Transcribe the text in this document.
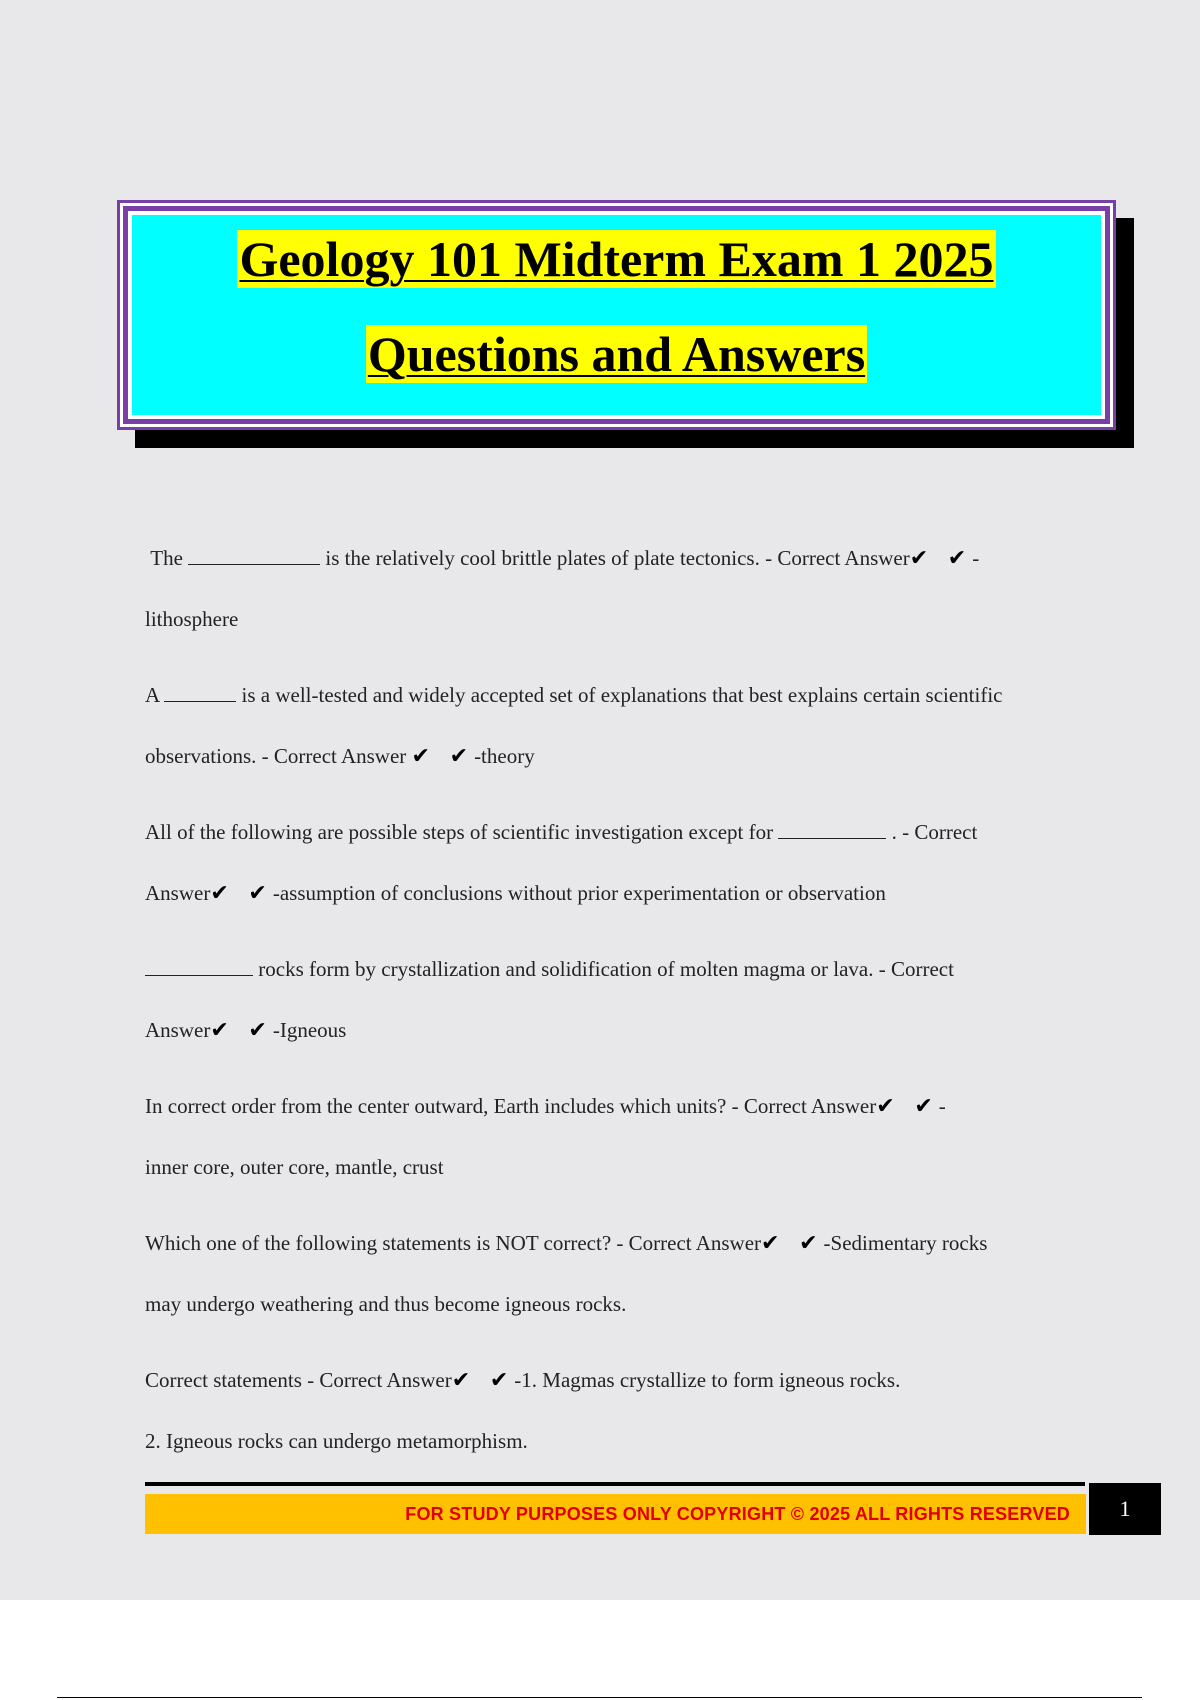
Geology 101 Midterm Exam 1 2025
Questions and Answers

The	is the relatively cool brittle plates of plate tectonics. - Correct Answer✔ ✔-

lithosphere

A	is a well-tested and widely accepted set of explanations that best explains certain scientific

observations. - Correct Answer ✔ ✔-theory

All of the following are possible steps of scientific investigation except for	. - Correct

Answer✔ ✔-assumption of conclusions without prior experimentation or observation

rocks form by crystallization and solidification of molten magma or lava. - Correct

Answer✔ ✔-Igneous

In correct order from the center outward, Earth includes which units? - Correct Answer✔ ✔-

inner core, outer core, mantle, crust

Which one of the following statements is NOT correct? - Correct Answer✔ ✔-Sedimentary rocks

may undergo weathering and thus become igneous rocks.

Correct statements - Correct Answer✔ ✔-1. Magmas crystallize to form igneous rocks.

2. Igneous rocks can undergo metamorphism.

FOR STUDY PURPOSES ONLY COPYRIGHT © 2025 ALL RIGHTS RESERVED	1
